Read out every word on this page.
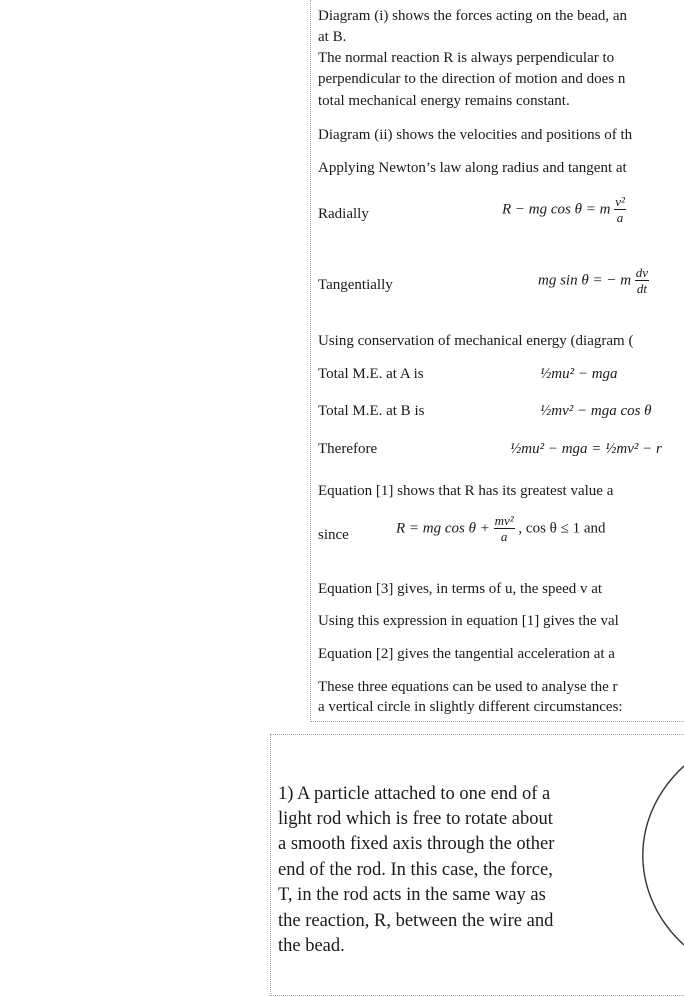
Diagram (i) shows the forces acting on the bead, an
at B.
The normal reaction R is always perpendicular to
perpendicular to the direction of motion and does n
total mechanical energy remains constant.
Diagram (ii) shows the velocities and positions of th
Applying Newton’s law along radius and tangent at
Radially	R − mg cos θ = m $\frac{\text{v²}}{a}$
Tangentially	mg sin θ = − m $\frac{dv}{dt}$
Using conservation of mechanical energy (diagram (
Total M.E. at A is	½mu² − mga
Total M.E. at B is	½mv² − mga cos θ
Therefore	½mu² − mga = ½mv² − r
Equation [1] shows that R has its greatest value a
since	R = mg $\cos \theta + \frac{\text{mv²}}{a}$ , cos θ ≤ 1 and
Equation [3] gives, in terms of u, the speed v at
Using this expression in equation [1] gives the val
Equation [2] gives the tangential acceleration at a
These three equations can be used to analyse the r
a vertical circle in slightly different circumstances:
1) A particle attached to one end of a
light rod which is free to rotate about
a smooth fixed axis through the other
end of the rod. In this case, the force,
T, in the rod acts in the same way as
the reaction, R, between the wire and
the bead.
